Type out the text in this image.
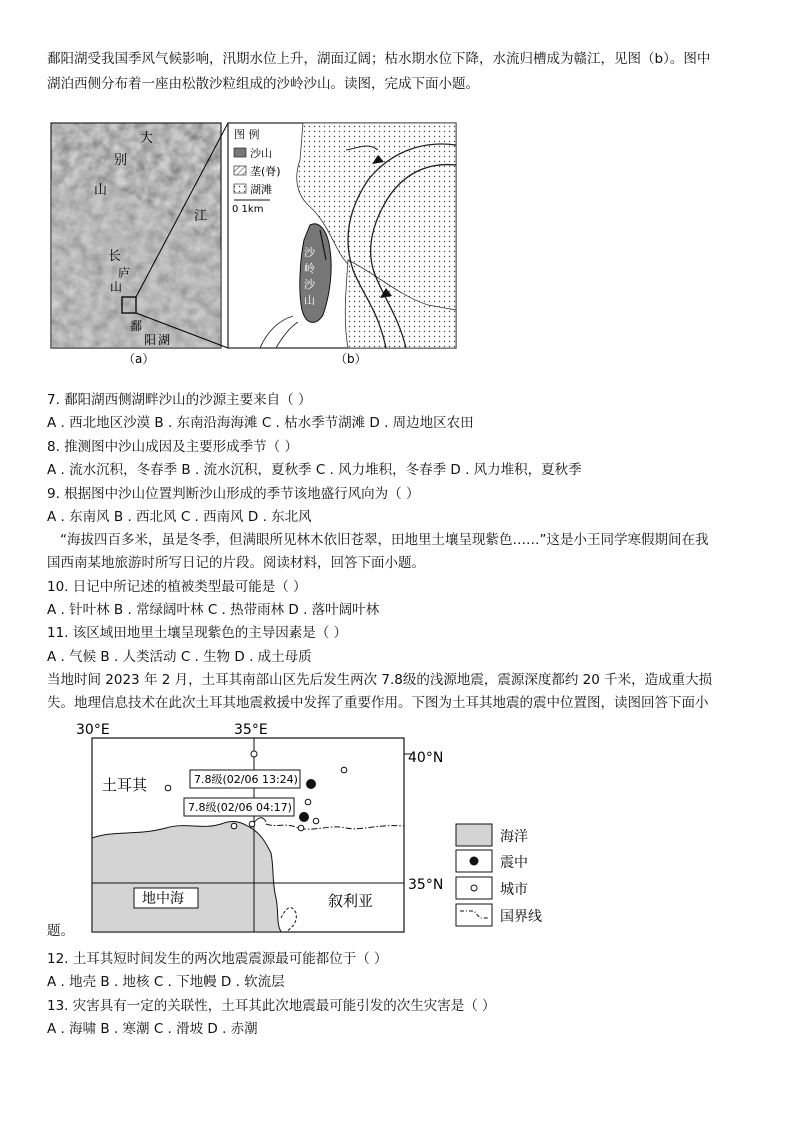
鄱阳湖受我国季风气候影响，汛期水位上升，湖面辽阔；枯水期水位下降，水流归槽成为赣江，见图（b）。图中
湖泊西侧分布着一座由松散沙粒组成的沙岭沙山。读图，完成下面小题。
大
别
山
江
长
庐
山
鄱
阳 湖
（a）
沙
岭
沙
山
图 例
沙山
垄(脊)
湖滩
0 1km
（b）
7. 鄱阳湖西侧湖畔沙山的沙源主要来自（ ）
A . 西北地区沙漠 B . 东南沿海海滩 C . 枯水季节湖滩 D . 周边地区农田
8. 推测图中沙山成因及主要形成季节（ ）
A . 流水沉积，冬春季 B . 流水沉积，夏秋季 C . 风力堆积，冬春季 D . 风力堆积，夏秋季
9. 根据图中沙山位置判断沙山形成的季节该地盛行风向为（ ）
A . 东南风 B . 西北风 C . 西南风 D . 东北风
“海拔四百多米，虽是冬季，但满眼所见林木依旧苍翠，田地里土壤呈现紫色……”这是小王同学寒假期间在我
国西南某地旅游时所写日记的片段。阅读材料，回答下面小题。
10. 日记中所记述的植被类型最可能是（ ）
A . 针叶林 B . 常绿阔叶林 C . 热带雨林 D . 落叶阔叶林
11. 该区域田地里土壤呈现紫色的主导因素是（ ）
A . 气候 B . 人类活动 C . 生物 D . 成土母质
当地时间 2023 年 2 月，土耳其南部山区先后发生两次 7.8级的浅源地震，震源深度都约 20 千米，造成重大损
失。地理信息技术在此次土耳其地震救援中发挥了重要作用。下图为土耳其地震的震中位置图，读图回答下面小
30°E	35°E
40°N
35°N
土耳其	7.8级(02/06 13:24)
7.8级(02/06 04:17)
地中海	叙利亚
海洋
震中
城市
国界线
题。
12. 土耳其短时间发生的两次地震震源最可能都位于（ ）
A . 地壳 B . 地核 C . 下地幔 D . 软流层
13. 灾害具有一定的关联性，土耳其此次地震最可能引发的次生灾害是（ ）
A . 海啸 B . 寒潮 C . 滑坡 D . 赤潮
